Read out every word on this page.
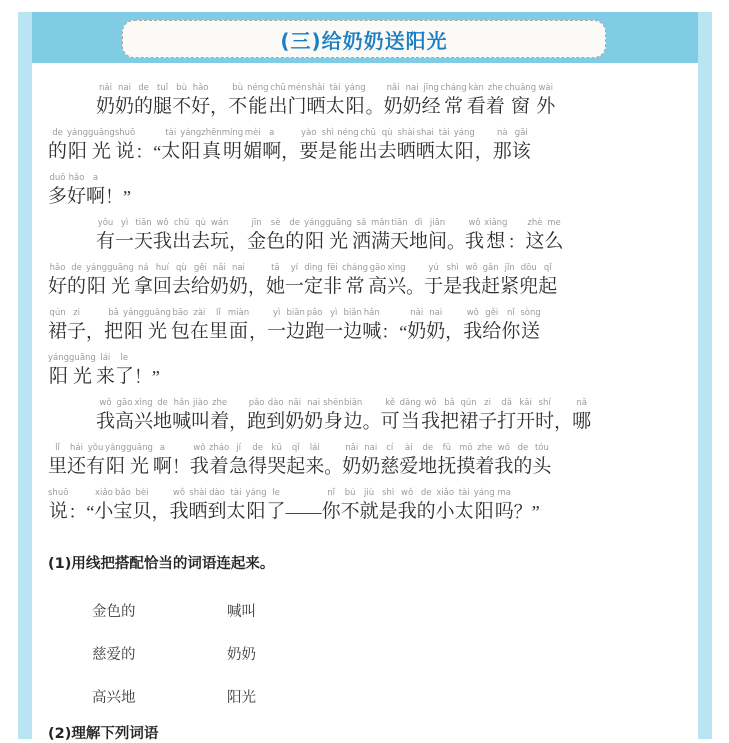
(三)给奶奶送阳光
nǎi
奶
nai
奶
de
的
tuǐ
腿
bù
不
hǎo
好 ，
bù
不
néng
能
chū
出
mén
门
shài
晒
tài
太
yáng
阳 。
nǎi
奶
nai
奶
jīng
经
cháng
常
kàn
看
zhe
着
chuāng
窗
wài
外
de
的
yáng
阳
guāng
光
shuō
说 ： “
tài
太
yáng
阳
zhēn
真
míng
明
mèi
媚
a
啊 ，
yào
要
shì
是
néng
能
chū
出
qù
去
shài
晒
shai
晒
tài
太
yáng
阳 ，
nà
那
gāi
该
duō
多
hǎo
好
a
啊 ！ ”
yǒu
有
yì
一
tiān
天
wǒ
我
chū
出
qù
去
wán
玩 ，
jīn
金
sè
色
de
的
yáng
阳
guāng
光
sǎ
洒
mǎn
满
tiān
天
dì
地
jiān
间 。
wǒ
我
xiǎng
想 ：
zhè
这
me
么
hǎo
好
de
的
yáng
阳
guāng
光
ná
拿
huí
回
qù
去
gěi
给
nǎi
奶
nai
奶 ，
tā
她
yí
一
dìng
定
fēi
非
cháng
常
gāo
高
xìng
兴 。
yú
于
shì
是
wǒ
我
gǎn
赶
jǐn
紧
dōu
兜
qǐ
起
qún
裙
zi
子 ，
bǎ
把
yáng
阳
guāng
光
bāo
包
zài
在
lǐ
里
miàn
面 ，
yì
一
biān
边
pǎo
跑
yì
一
biān
边
hǎn
喊 ： “
nǎi
奶
nai
奶 ，
wǒ
我
gěi
给
nǐ
你
sòng
送
yáng
阳
guāng
光
lái
来
le
了 ！ ”
wǒ
我
gāo
高
xìng
兴
de
地
hǎn
喊
jiào
叫
zhe
着 ，
pǎo
跑
dào
到
nǎi
奶
nai
奶
shēn
身
biān
边 。
kě
可
dāng
当
wǒ
我
bǎ
把
qún
裙
zi
子
dǎ
打
kāi
开
shí
时 ，
nǎ
哪
lǐ
里
hái
还
yǒu
有
yáng
阳
guāng
光
a
啊 ！
wǒ
我
zháo
着
jí
急
de
得
kū
哭
qǐ
起
lái
来 。
nǎi
奶
nai
奶
cí
慈
ài
爱
de
地
fǔ
抚
mō
摸
zhe
着
wǒ
我
de
的
tóu
头
shuō
说 ： “
xiǎo
小
bǎo
宝
bèi
贝 ，
wǒ
我
shài
晒
dào
到
tài
太
yáng
阳
le
了 — —
nǐ
你
bú
不
jiù
就
shì
是
wǒ
我
de
的
xiǎo
小
tài
太
yáng
阳
ma
吗 ？ ”
(1)用线把搭配恰当的词语连起来。
金色的	喊叫
慈爱的	奶奶
高兴地	阳光
(2)理解下列词语
